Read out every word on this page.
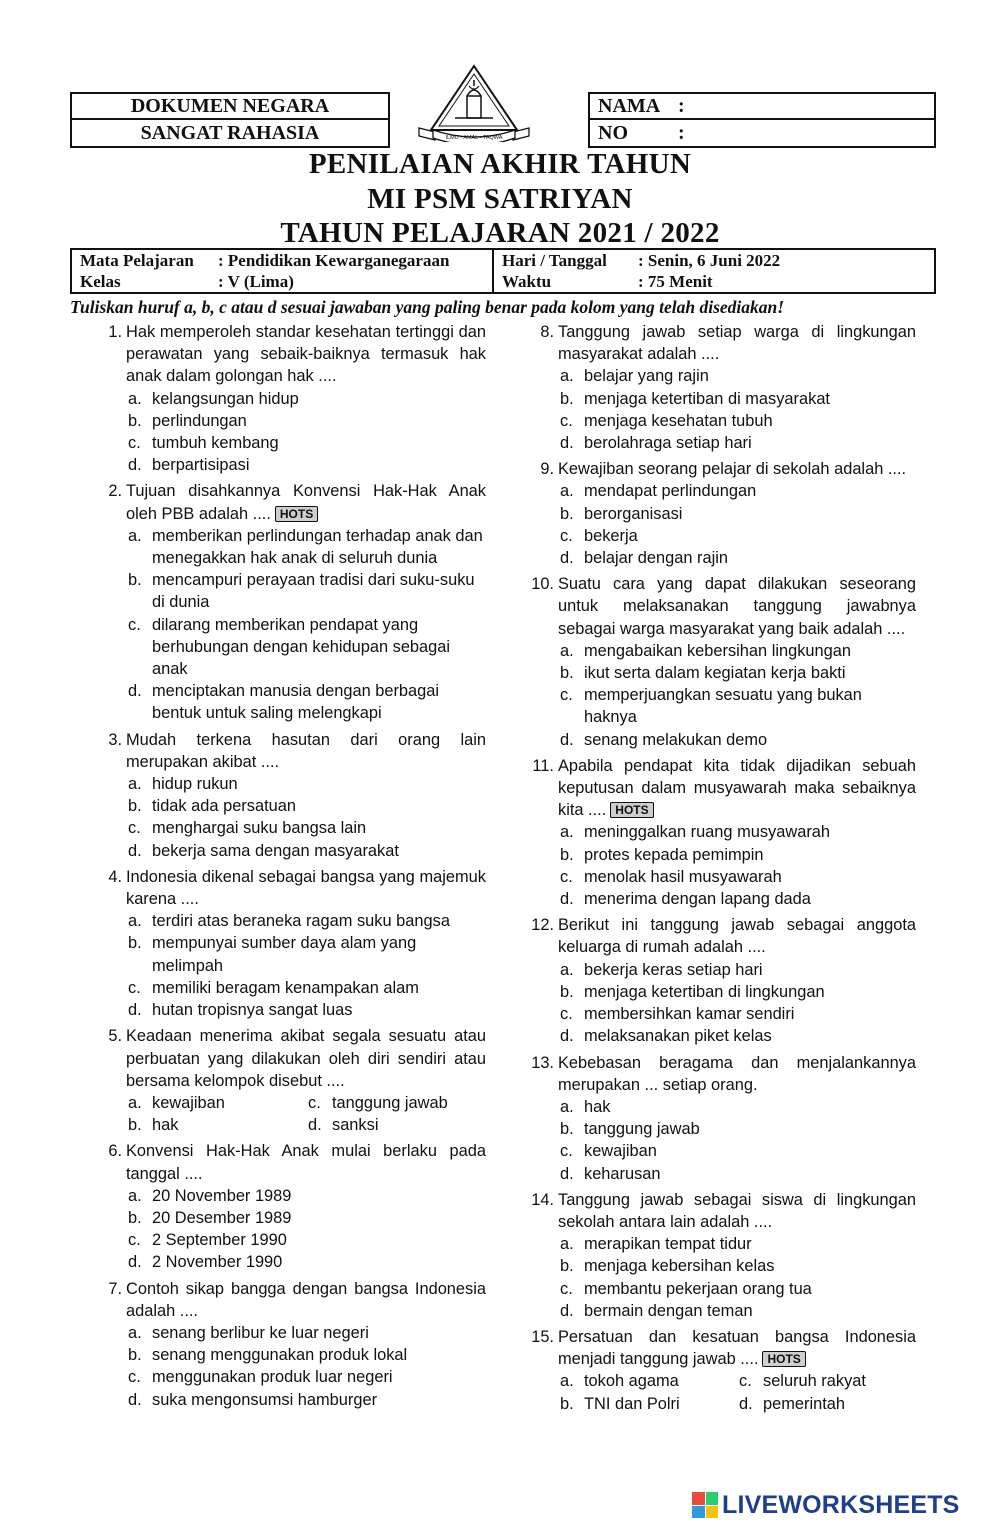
DOKUMEN NEGARA
SANGAT RAHASIA	ILMU - AMAL - TAQWA
NAMA :
NO	:
PENILAIAN AKHIR TAHUN
MI PSM SATRIYAN
TAHUN PELAJARAN 2021 / 2022
Mata Pelajaran : Pendidikan Kewarganegaraan
Kelas	: V (Lima)
Hari / Tanggal : Senin, 6 Juni 2022
Waktu	: 75 Menit
Tuliskan huruf a, b, c atau d sesuai jawaban yang paling benar pada kolom yang telah disediakan!
1. Hak memperoleh standar kesehatan tertinggi dan perawatan yang sebaik-baiknya termasuk hak anak dalam golongan hak ....
a. kelangsungan hidup
b. perlindungan
c. tumbuh kembang
d. berpartisipasi
2. Tujuan disahkannya Konvensi Hak-Hak Anak oleh PBB adalah .... HOTS
a. memberikan perlindungan terhadap anak dan menegakkan hak anak di seluruh dunia
b. mencampuri perayaan tradisi dari suku-suku di dunia
c. dilarang memberikan pendapat yang berhubungan dengan kehidupan sebagai anak
d. menciptakan manusia dengan berbagai bentuk untuk saling melengkapi
3. Mudah terkena hasutan dari orang lain merupakan akibat ....
a. hidup rukun
b. tidak ada persatuan
c. menghargai suku bangsa lain
d. bekerja sama dengan masyarakat
4. Indonesia dikenal sebagai bangsa yang majemuk karena ....
a. terdiri atas beraneka ragam suku bangsa
b. mempunyai sumber daya alam yang melimpah
c. memiliki beragam kenampakan alam
d. hutan tropisnya sangat luas
5. Keadaan menerima akibat segala sesuatu atau perbuatan yang dilakukan oleh diri sendiri atau bersama kelompok disebut ....
a. kewajiban	c. tanggung jawab
b. hak	d. sanksi
6. Konvensi Hak-Hak Anak mulai berlaku pada tanggal ....
a. 20 November 1989
b. 20 Desember 1989
c. 2 September 1990
d. 2 November 1990
7. Contoh sikap bangga dengan bangsa Indonesia adalah ....
a. senang berlibur ke luar negeri
b. senang menggunakan produk lokal
c. menggunakan produk luar negeri
d. suka mengonsumsi hamburger
8. Tanggung jawab setiap warga di lingkungan masyarakat adalah ....
a. belajar yang rajin
b. menjaga ketertiban di masyarakat
c. menjaga kesehatan tubuh
d. berolahraga setiap hari
9. Kewajiban seorang pelajar di sekolah adalah ....
a. mendapat perlindungan
b. berorganisasi
c. bekerja
d. belajar dengan rajin
10. Suatu cara yang dapat dilakukan seseorang untuk melaksanakan tanggung jawabnya sebagai warga masyarakat yang baik adalah ....
a. mengabaikan kebersihan lingkungan
b. ikut serta dalam kegiatan kerja bakti
c. memperjuangkan sesuatu yang bukan haknya
d. senang melakukan demo
11. Apabila pendapat kita tidak dijadikan sebuah keputusan dalam musyawarah maka sebaiknya kita .... HOTS
a. meninggalkan ruang musyawarah
b. protes kepada pemimpin
c. menolak hasil musyawarah
d. menerima dengan lapang dada
12. Berikut ini tanggung jawab sebagai anggota keluarga di rumah adalah ....
a. bekerja keras setiap hari
b. menjaga ketertiban di lingkungan
c. membersihkan kamar sendiri
d. melaksanakan piket kelas
13. Kebebasan beragama dan menjalankannya merupakan ... setiap orang.
a. hak
b. tanggung jawab
c. kewajiban
d. keharusan
14. Tanggung jawab sebagai siswa di lingkungan sekolah antara lain adalah ....
a. merapikan tempat tidur
b. menjaga kebersihan kelas
c. membantu pekerjaan orang tua
d. bermain dengan teman
15. Persatuan dan kesatuan bangsa Indonesia menjadi tanggung jawab .... HOTS
a. tokoh agama	c. seluruh rakyat
b. TNI dan Polri	d. pemerintah
LIVEWORKSHEETS
